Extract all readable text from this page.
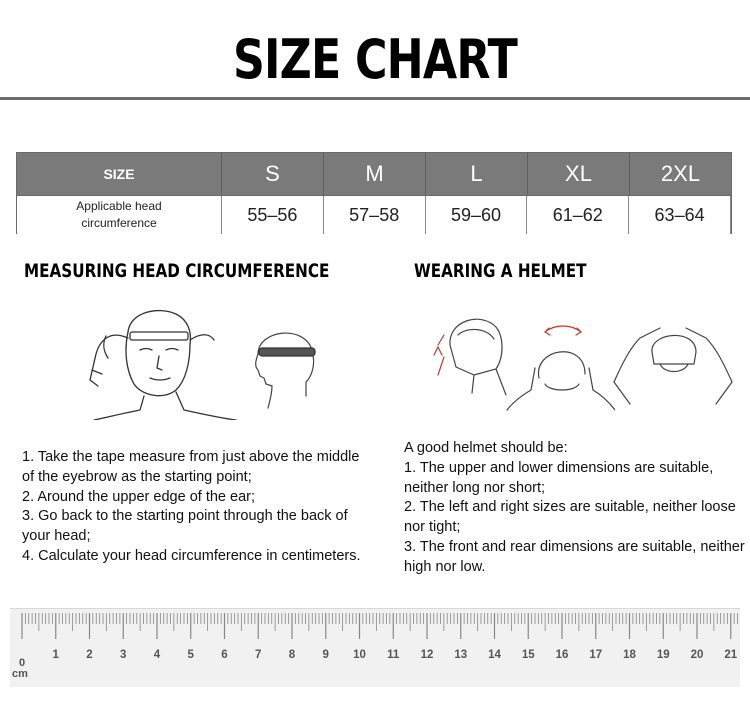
SIZE CHART
SIZE	S	M	L	XL	2XL
Applicable head circumference	55–56	57–58	59–60	61–62	63–64
MEASURING HEAD CIRCUMFERENCE

1. Take the tape measure from just above the middle of the eyebrow as the starting point;

2. Around the upper edge of the ear;

3. Go back to the starting point through the back of your head;

4. Calculate your head circumference in centimeters.

WEARING A HELMET

A good helmet should be:

1. The upper and lower dimensions are suitable, neither long nor short;

2. The left and right sizes are suitable, neither loose nor tight;

3. The front and rear dimensions are suitable, neither high nor low.

0
cm
1 2 3 4 5 6 7 8 9 10 11 12 13 14 15 16 17 18 19 20 21
